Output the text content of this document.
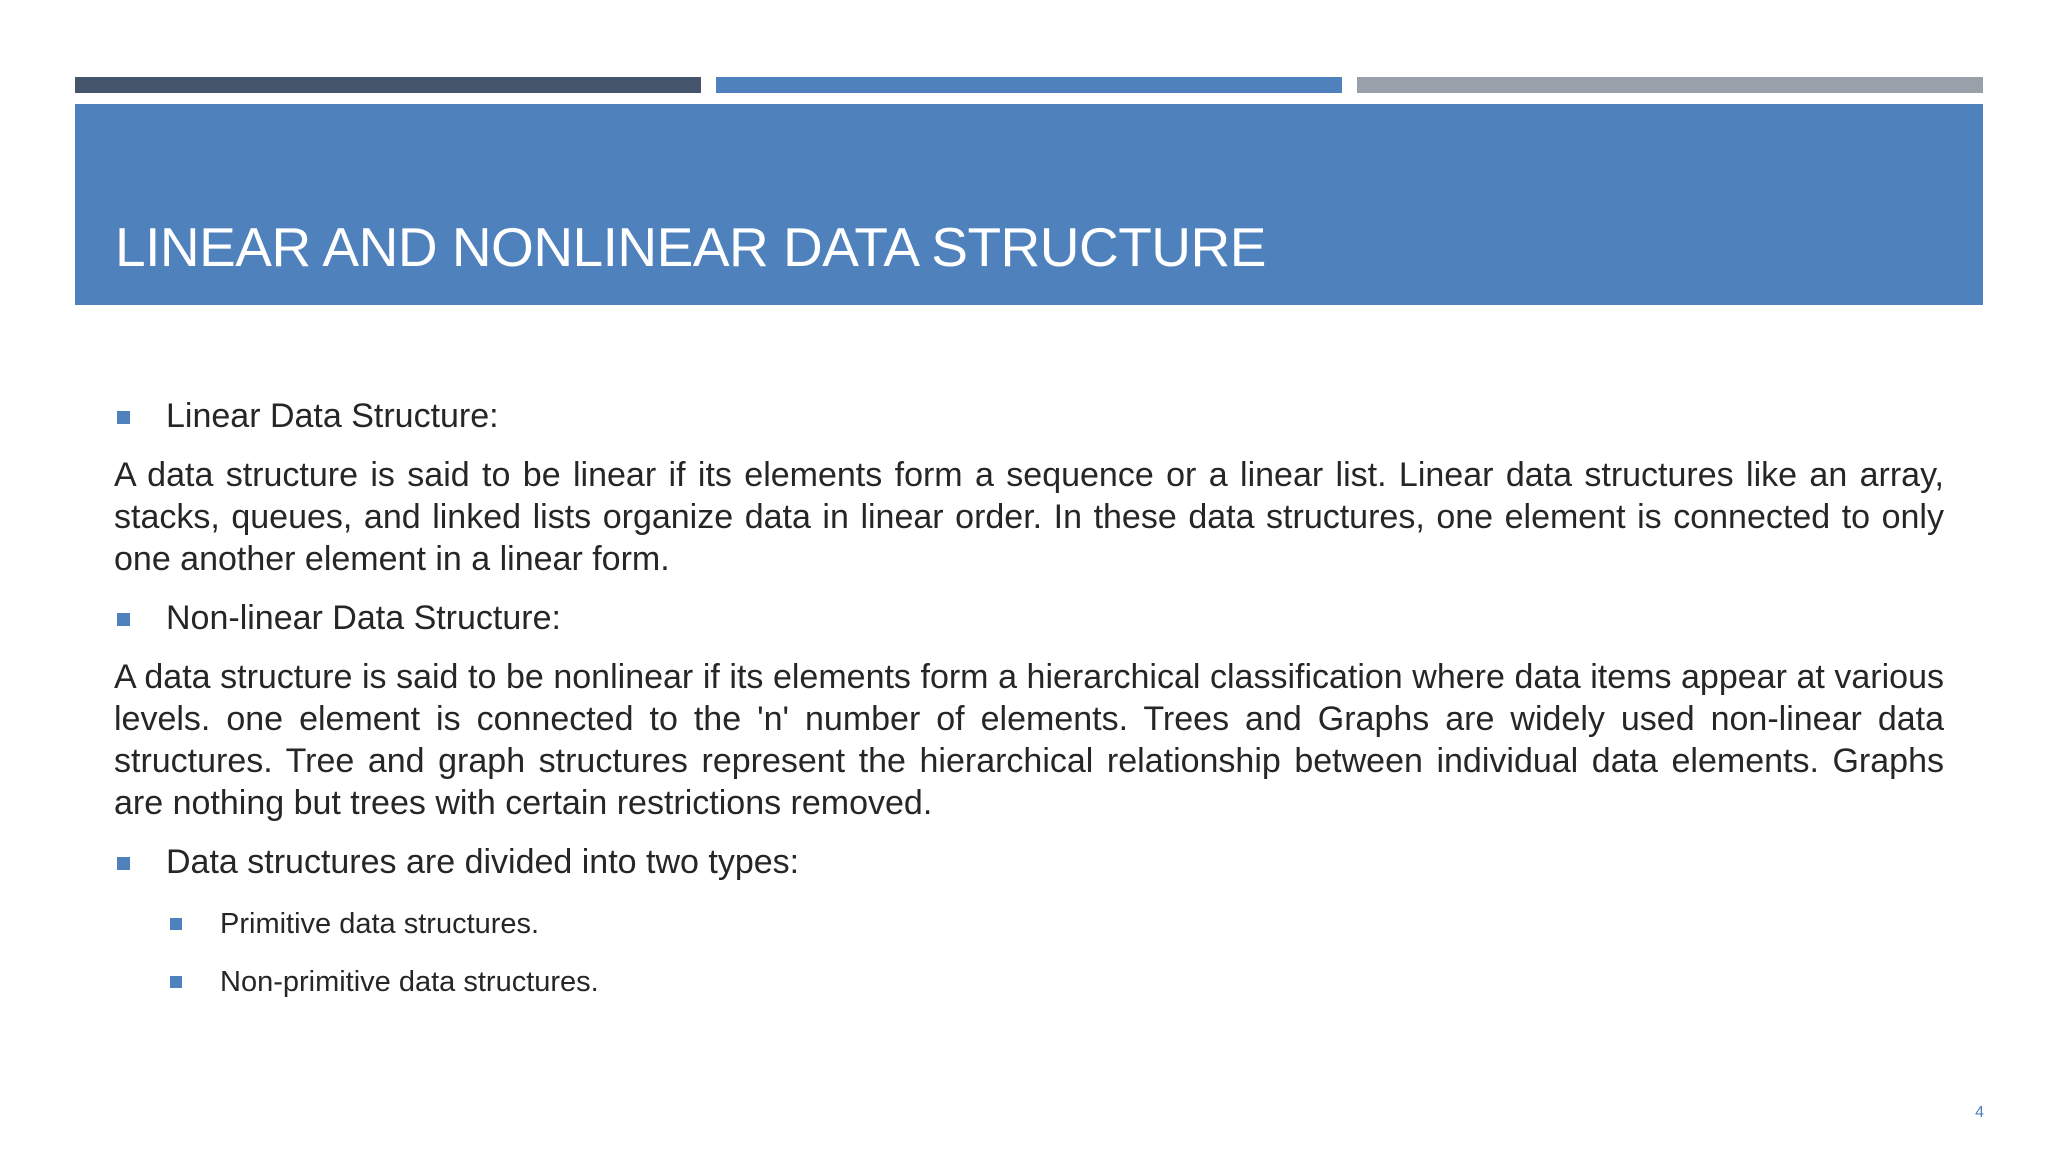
LINEAR AND NONLINEAR DATA STRUCTURE

Linear Data Structure:

A data structure is said to be linear if its elements form a sequence or a linear list. Linear data structures like an array, stacks, queues, and linked lists organize data in linear order. In these data structures, one element is connected to only one another element in a linear form.

Non-linear Data Structure:

A data structure is said to be nonlinear if its elements form a hierarchical classification where data items appear at various levels. one element is connected to the 'n' number of elements. Trees and Graphs are widely used non-linear data structures. Tree and graph structures represent the hierarchical relationship between individual data elements. Graphs are nothing but trees with certain restrictions removed.

Data structures are divided into two types:

Primitive data structures.

Non-primitive data structures.

4
